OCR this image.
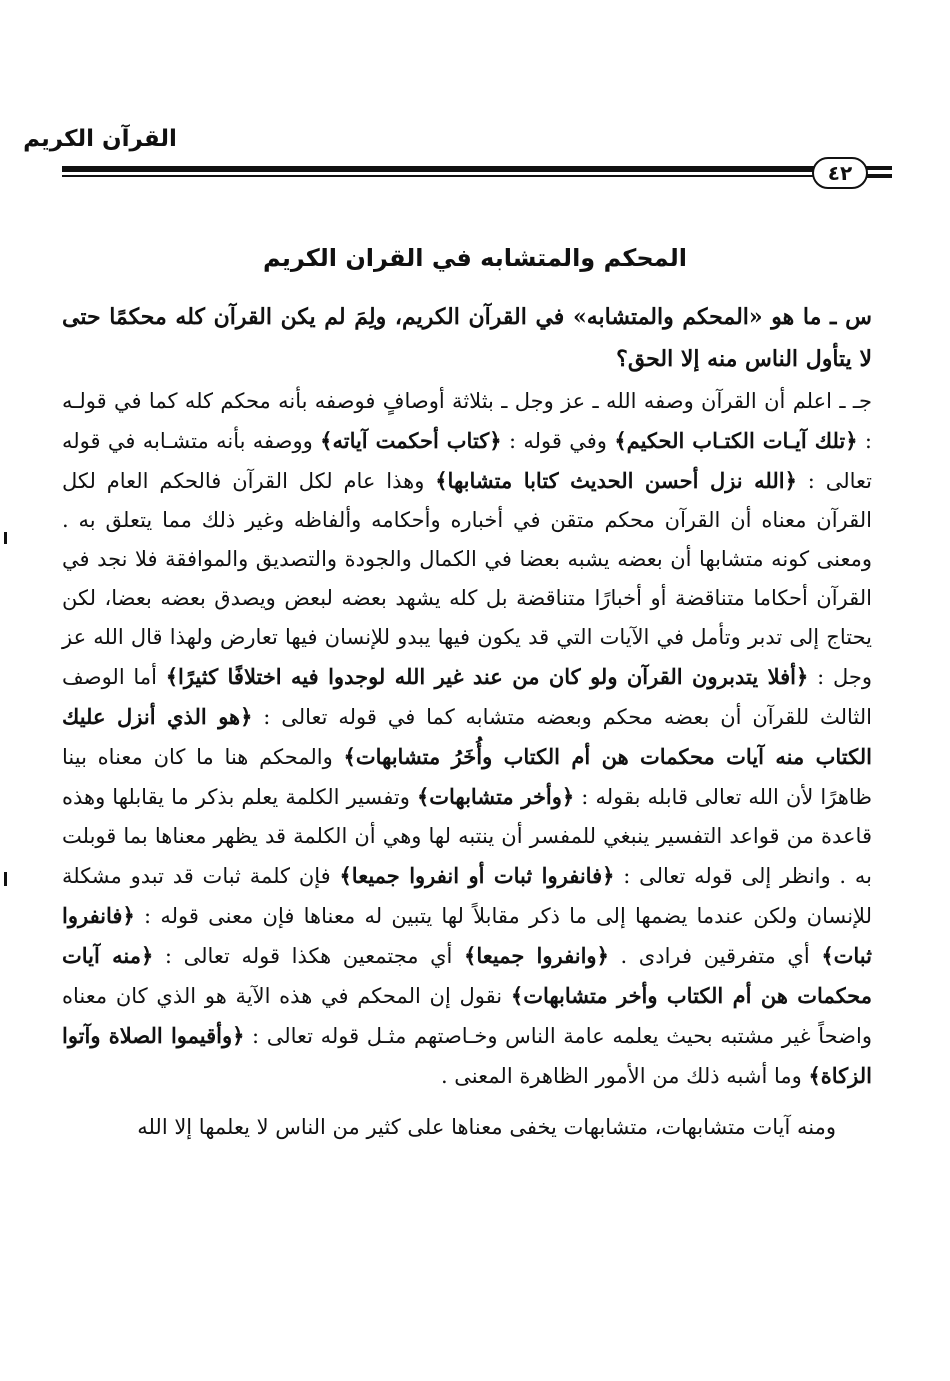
القرآن الكريم
٤٢
المحكم والمتشابه في القران الكريم

س ـ ما هو «المحكم والمتشابه» في القرآن الكريم، ولِمَ لم يكن القرآن كله محكمًا حتى لا يتأول الناس منه إلا الحق؟

جـ ـ اعلم أن القرآن وصفه الله ـ عز وجل ـ بثلاثة أوصافٍ فوصفه بأنه محكم كله كما في قولـه : ﴿تلك آيـات الكتـاب الحكيم﴾ وفي قوله : ﴿كتاب أحكمت آياته﴾ ووصفه بأنه متشـابه في قوله تعالى : ﴿الله نزل أحسن الحديث كتابا متشابها﴾ وهذا عام لكل القرآن فالحكم العام لكل القرآن معناه أن القرآن محكم متقن في أخباره وأحكامه وألفاظه وغير ذلك مما يتعلق به . ومعنى كونه متشابها أن بعضه يشبه بعضا في الكمال والجودة والتصديق والموافقة فلا نجد في القرآن أحكاما متناقضة أو أخبارًا متناقضة بل كله يشهد بعضه لبعض ويصدق بعضه بعضا، لكن يحتاج إلى تدبر وتأمل في الآيات التي قد يكون فيها يبدو للإنسان فيها تعارض ولهذا قال الله عز وجل : ﴿أفلا يتدبرون القرآن ولو كان من عند غير الله لوجدوا فيه اختلافًا كثيرًا﴾ أما الوصف الثالث للقرآن أن بعضه محكم وبعضه متشابه كما في قوله تعالى : ﴿هو الذي أنزل عليك الكتاب منه آيات محكمات هن أم الكتاب وأُخَرُ متشابهات﴾ والمحكم هنا ما كان معناه بينا ظاهرًا لأن الله تعالى قابله بقوله : ﴿وأخر متشابهات﴾ وتفسير الكلمة يعلم بذكر ما يقابلها وهذه قاعدة من قواعد التفسير ينبغي للمفسر أن ينتبه لها وهي أن الكلمة قد يظهر معناها بما قوبلت به . وانظر إلى قوله تعالى : ﴿فانفروا ثبات أو انفروا جميعا﴾ فإن كلمة ثبات قد تبدو مشكلة للإنسان ولكن عندما يضمها إلى ما ذكر مقابلاً لها يتبين له معناها فإن معنى قوله : ﴿فانفروا ثبات﴾ أي متفرقين فرادى . ﴿وانفروا جميعا﴾ أي مجتمعين هكذا قوله تعالى : ﴿منه آيات محكمات هن أم الكتاب وأخر متشابهات﴾ نقول إن المحكم في هذه الآية هو الذي كان معناه واضحاً غير مشتبه بحيث يعلمه عامة الناس وخـاصتهم مثـل قوله تعالى : ﴿وأقيموا الصلاة وآتوا الزكاة﴾ وما أشبه ذلك من الأمور الظاهرة المعنى .

ومنه آيات متشابهات، متشابهات يخفى معناها على كثير من الناس لا يعلمها إلا الله
